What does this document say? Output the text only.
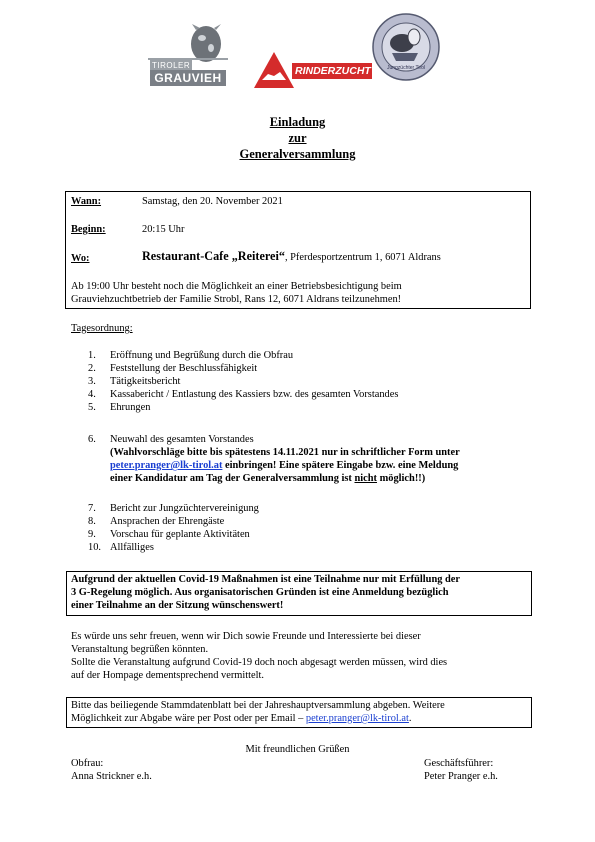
TIROLER
GRAUVIEH	RINDERZUCHT	Jungzüchter Tirol
Einladung
zur
Generalversammlung
Wann:	Samstag, den 20. November 2021
Beginn:	20:15 Uhr
Wo:	Restaurant-Cafe „Reiterei“, Pferdesportzentrum 1, 6071 Aldrans
Ab 19:00 Uhr besteht noch die Möglichkeit an einer Betriebsbesichtigung beim
Grauviehzuchtbetrieb der Familie Strobl, Rans 12, 6071 Aldrans teilzunehmen!
Tagesordnung:
1. Eröffnung und Begrüßung durch die Obfrau
2. Feststellung der Beschlussfähigkeit
3. Tätigkeitsbericht
4. Kassabericht / Entlastung des Kassiers bzw. des gesamten Vorstandes
5. Ehrungen
6. Neuwahl des gesamten Vorstandes
(Wahlvorschläge bitte bis spätestens 14.11.2021 nur in schriftlicher Form unter
peter.pranger@lk-tirol.at einbringen! Eine spätere Eingabe bzw. eine Meldung
einer Kandidatur am Tag der Generalversammlung ist nicht möglich!!)
7. Bericht zur Jungzüchtervereinigung
8. Ansprachen der Ehrengäste
9. Vorschau für geplante Aktivitäten
10. Allfälliges
Aufgrund der aktuellen Covid-19 Maßnahmen ist eine Teilnahme nur mit Erfüllung der
3 G-Regelung möglich. Aus organisatorischen Gründen ist eine Anmeldung bezüglich
einer Teilnahme an der Sitzung wünschenswert!
Es würde uns sehr freuen, wenn wir Dich sowie Freunde und Interessierte bei dieser
Veranstaltung begrüßen könnten.
Sollte die Veranstaltung aufgrund Covid-19 doch noch abgesagt werden müssen, wird dies
auf der Hompage dementsprechend vermittelt.
Bitte das beiliegende Stammdatenblatt bei der Jahreshauptversammlung abgeben. Weitere
Möglichkeit zur Abgabe wäre per Post oder per Email – peter.pranger@lk-tirol.at.
Mit freundlichen Grüßen
Obfrau:
Anna Strickner e.h.
Geschäftsführer:
Peter Pranger e.h.
